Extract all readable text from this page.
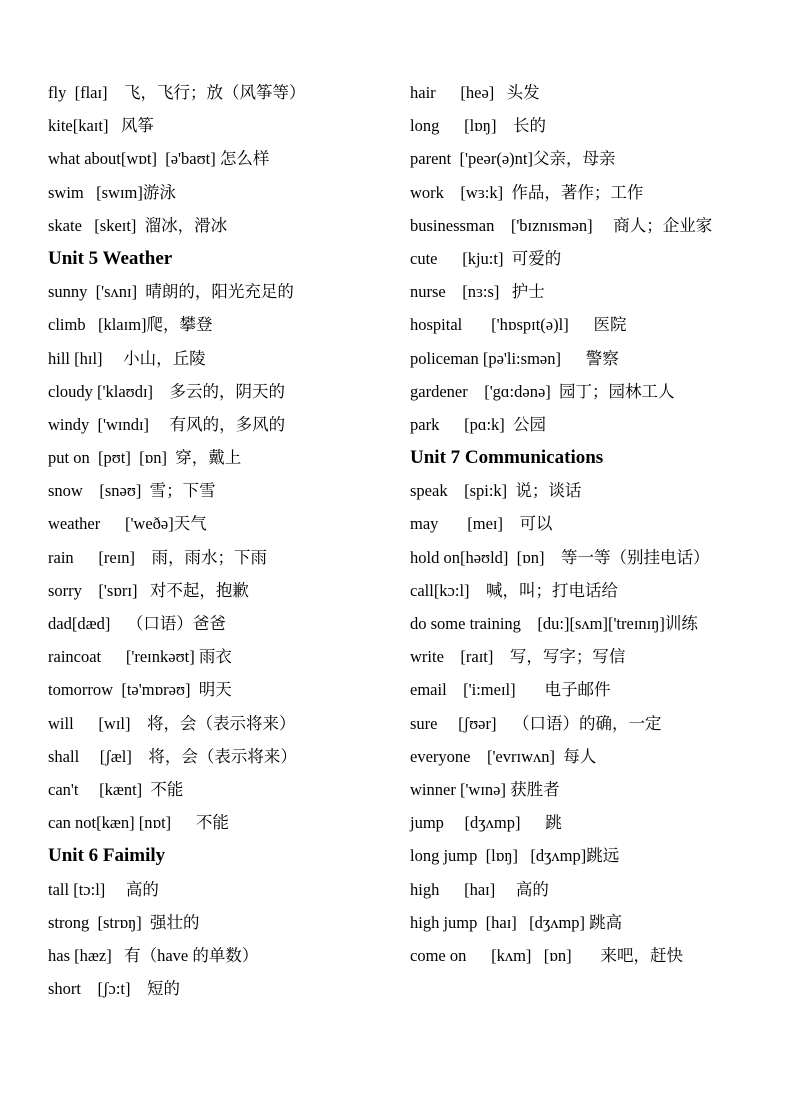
fly  [flaɪ]    飞，飞行；放（风筝等）
kite[kaɪt]   风筝
what about[wɒt]  [ə'baʊt] 怎么样
swim   [swɪm]游泳
skate   [skeɪt]  溜冰，滑冰
Unit 5 Weather
sunny  ['sʌnɪ]  晴朗的，阳光充足的
climb   [klaɪm]爬，攀登
hill [hɪl]     小山，丘陵
cloudy ['klaʊdɪ]    多云的，阴天的
windy  ['wɪndɪ]     有风的，多风的
put on  [pʊt]  [ɒn]  穿，戴上
snow    [snəʊ]  雪；下雪
weather      ['weðə]天气
rain      [reɪn]    雨，雨水；下雨
sorry    ['sɒrɪ]   对不起，抱歉
dad[dæd]    （口语）爸爸
raincoat      ['reɪnkəʊt] 雨衣
tomorrow  [tə'mɒrəʊ]  明天
will      [wɪl]    将，会（表示将来）
shall     [ʃæl]    将，会（表示将来）
can't     [kænt]  不能
can not[kæn] [nɒt]      不能
Unit 6 Faimily
tall [tɔ:l]     高的
strong  [strɒŋ]  强壮的
has [hæz]   有（have 的单数）
short    [ʃɔ:t]    短的
hair      [heə]   头发
long      [lɒŋ]    长的
parent  ['peər(ə)nt]父亲，母亲
work    [wɜ:k]  作品，著作；工作
businessman    ['bɪznɪsmən]     商人；企业家
cute      [kju:t]  可爱的
nurse    [nɜ:s]   护士
hospital       ['hɒspɪt(ə)l]      医院
policeman [pə'li:smən]      警察
gardener    ['gɑ:dənə]  园丁；园林工人
park      [pɑ:k]  公园
Unit 7 Communications
speak    [spi:k]  说；谈话
may       [meɪ]    可以
hold on[həʊld]  [ɒn]    等一等（别挂电话）
call[kɔ:l]    喊，叫；打电话给
do some training    [du:][sʌm]['treɪnɪŋ]训练
write    [raɪt]    写，写字；写信
email    ['i:meɪl]       电子邮件
sure     [ʃʊər]    （口语）的确，一定
everyone    ['evrɪwʌn]  每人
winner ['wɪnə] 获胜者
jump     [dʒʌmp]      跳
long jump  [lɒŋ]   [dʒʌmp]跳远
high      [haɪ]     高的
high jump  [haɪ]   [dʒʌmp] 跳高
come on      [kʌm]   [ɒn]       来吧，赶快
